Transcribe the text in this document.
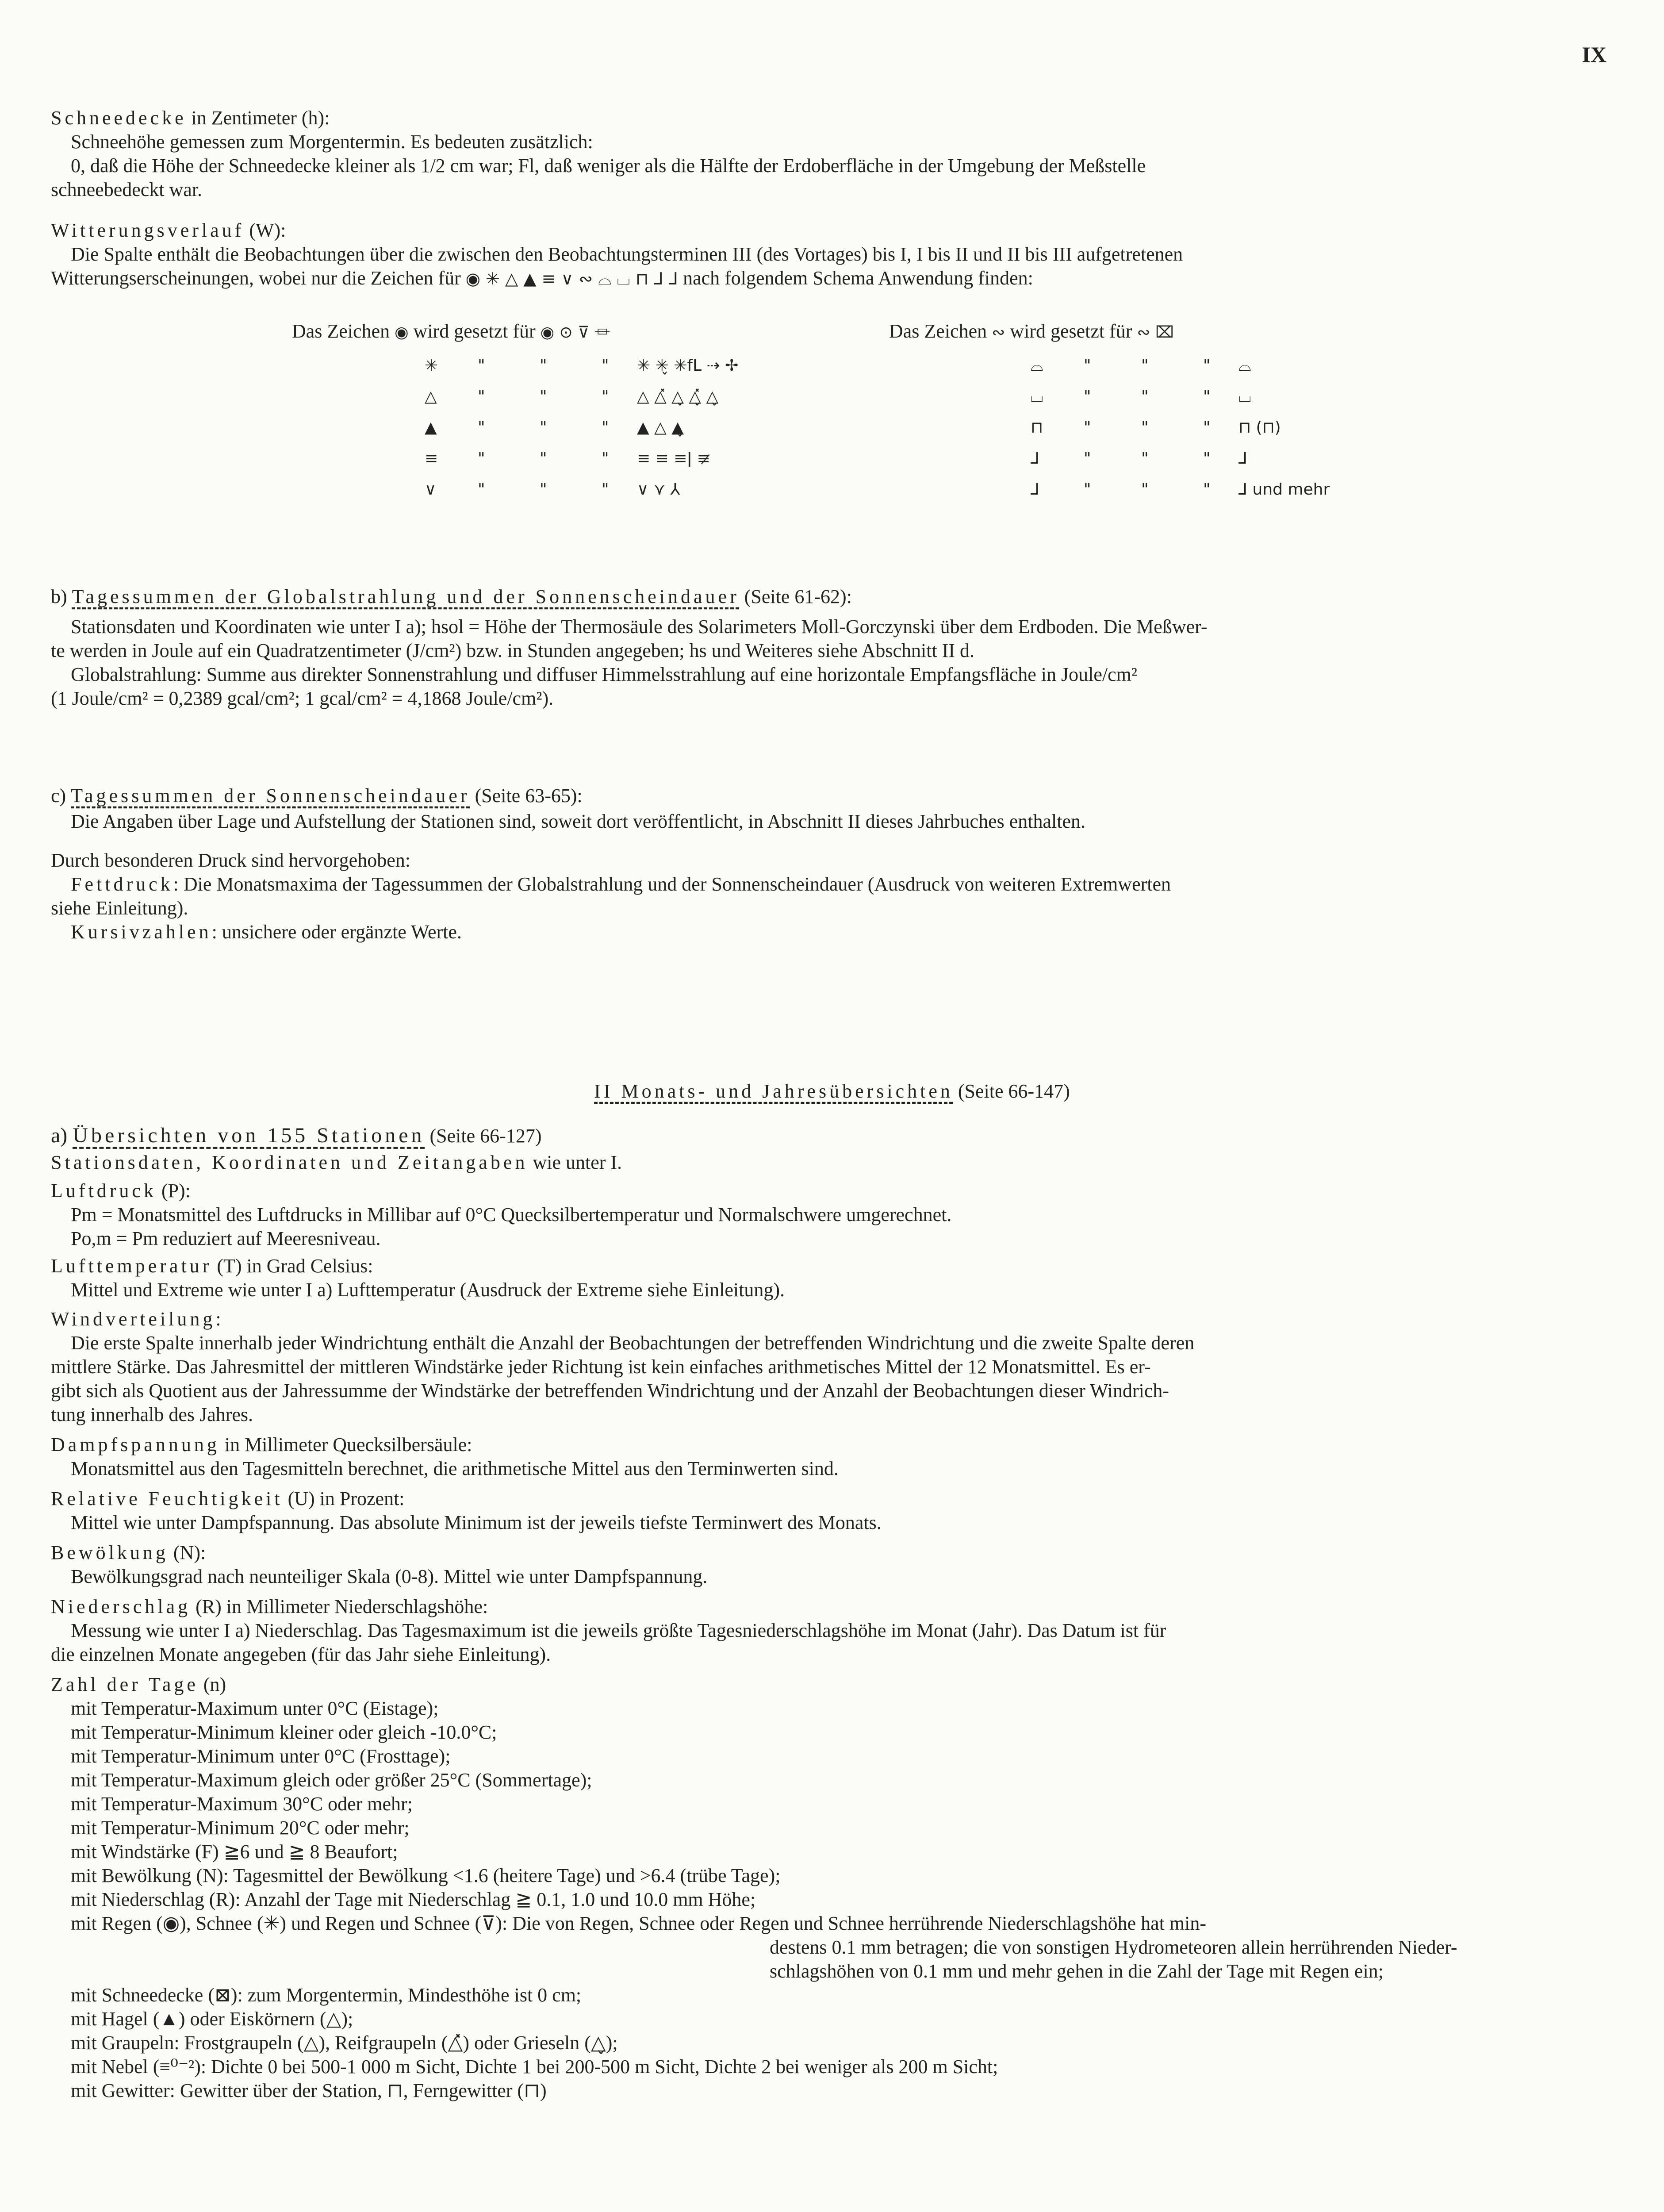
IX

Schneedecke in Zentimeter (h):

Schneehöhe gemessen zum Morgentermin. Es bedeuten zusätzlich:

0, daß die Höhe der Schneedecke kleiner als 1/2 cm war; Fl, daß weniger als die Hälfte der Erdoberfläche in der Umgebung der Meßstelle

schneebedeckt war.

Witterungsverlauf (W):

Die Spalte enthält die Beobachtungen über die zwischen den Beobachtungsterminen III (des Vortages) bis I, I bis II und II bis III aufgetretenen

Witterungserscheinungen, wobei nur die Zeichen für ◉ ✳ △ ▲ ≡ ∨ ∾ ⌓ ⌴ ⊓ ⅃ ⅃ nach folgendem Schema Anwendung finden:

Das Zeichen ◉ wird gesetzt für ◉ ⊙ ⊽ ⏛	Das Zeichen ∾ wird gesetzt für ∾ ⌧
✳ "	"	" ✳ ✳̬ ✳fL ⇢ ✢
△	"	"	" △ △̽ △̬ △̬̽ △̬
▲	"	"	" ▲ △ ▲̬
≡ "	"	" ≡ ≡ ≡ǀ ≡̷
∨	"	"	" ∨ ⋎ ⅄
⌓	"	"	" ⌓
⌴	"	"	" ⌴
⊓	"	"	" ⊓ (⊓)
⅃	"	"	" ⅃
⅃	"	"	" ⅃ und mehr

b) Tagessummen der Globalstrahlung und der Sonnenscheindauer (Seite 61-62):

Stationsdaten und Koordinaten wie unter I a); hsol = Höhe der Thermosäule des Solarimeters Moll-Gorczynski über dem Erdboden. Die Meßwer-

te werden in Joule auf ein Quadratzentimeter (J/cm²) bzw. in Stunden angegeben; hs und Weiteres siehe Abschnitt II d.

Globalstrahlung: Summe aus direkter Sonnenstrahlung und diffuser Himmelsstrahlung auf eine horizontale Empfangsfläche in Joule/cm²

(1 Joule/cm² = 0,2389 gcal/cm²; 1 gcal/cm² = 4,1868 Joule/cm²).

c) Tagessummen der Sonnenscheindauer (Seite 63-65):

Die Angaben über Lage und Aufstellung der Stationen sind, soweit dort veröffentlicht, in Abschnitt II dieses Jahrbuches enthalten.

Durch besonderen Druck sind hervorgehoben:

Fettdruck: Die Monatsmaxima der Tagessummen der Globalstrahlung und der Sonnenscheindauer (Ausdruck von weiteren Extremwerten

siehe Einleitung).

Kursivzahlen: unsichere oder ergänzte Werte.

II Monats- und Jahresübersichten (Seite 66-147)

a) Übersichten von 155 Stationen (Seite 66-127)

Stationsdaten, Koordinaten und Zeitangaben wie unter I.

Luftdruck (P):

Pm = Monatsmittel des Luftdrucks in Millibar auf 0°C Quecksilbertemperatur und Normalschwere umgerechnet.

Po,m = Pm reduziert auf Meeresniveau.

Lufttemperatur (T) in Grad Celsius:

Mittel und Extreme wie unter I a) Lufttemperatur (Ausdruck der Extreme siehe Einleitung).

Windverteilung:

Die erste Spalte innerhalb jeder Windrichtung enthält die Anzahl der Beobachtungen der betreffenden Windrichtung und die zweite Spalte deren

mittlere Stärke. Das Jahresmittel der mittleren Windstärke jeder Richtung ist kein einfaches arithmetisches Mittel der 12 Monatsmittel. Es er-

gibt sich als Quotient aus der Jahressumme der Windstärke der betreffenden Windrichtung und der Anzahl der Beobachtungen dieser Windrich-

tung innerhalb des Jahres.

Dampfspannung in Millimeter Quecksilbersäule:

Monatsmittel aus den Tagesmitteln berechnet, die arithmetische Mittel aus den Terminwerten sind.

Relative Feuchtigkeit (U) in Prozent:

Mittel wie unter Dampfspannung. Das absolute Minimum ist der jeweils tiefste Terminwert des Monats.

Bewölkung (N):

Bewölkungsgrad nach neunteiliger Skala (0-8). Mittel wie unter Dampfspannung.

Niederschlag (R) in Millimeter Niederschlagshöhe:

Messung wie unter I a) Niederschlag. Das Tagesmaximum ist die jeweils größte Tagesniederschlagshöhe im Monat (Jahr). Das Datum ist für

die einzelnen Monate angegeben (für das Jahr siehe Einleitung).

Zahl der Tage (n)

mit Temperatur-Maximum unter 0°C (Eistage);

mit Temperatur-Minimum kleiner oder gleich -10.0°C;

mit Temperatur-Minimum unter 0°C (Frosttage);

mit Temperatur-Maximum gleich oder größer 25°C (Sommertage);

mit Temperatur-Maximum 30°C oder mehr;

mit Temperatur-Minimum 20°C oder mehr;

mit Windstärke (F) ≧6 und ≧ 8 Beaufort;

mit Bewölkung (N): Tagesmittel der Bewölkung <1.6 (heitere Tage) und >6.4 (trübe Tage);

mit Niederschlag (R): Anzahl der Tage mit Niederschlag ≧ 0.1, 1.0 und 10.0 mm Höhe;

mit Regen (◉), Schnee (✳) und Regen und Schnee (⊽): Die von Regen, Schnee oder Regen und Schnee herrührende Niederschlagshöhe hat min-

destens 0.1 mm betragen; die von sonstigen Hydrometeoren allein herrührenden Nieder-

schlagshöhen von 0.1 mm und mehr gehen in die Zahl der Tage mit Regen ein;

mit Schneedecke (⊠): zum Morgentermin, Mindesthöhe ist 0 cm;

mit Hagel (▲) oder Eiskörnern (△);

mit Graupeln: Frostgraupeln (△), Reifgraupeln (△̽) oder Grieseln (△̬);

mit Nebel (≡⁰⁻²): Dichte 0 bei 500-1 000 m Sicht, Dichte 1 bei 200-500 m Sicht, Dichte 2 bei weniger als 200 m Sicht;

mit Gewitter: Gewitter über der Station, ⊓, Ferngewitter (⊓)
